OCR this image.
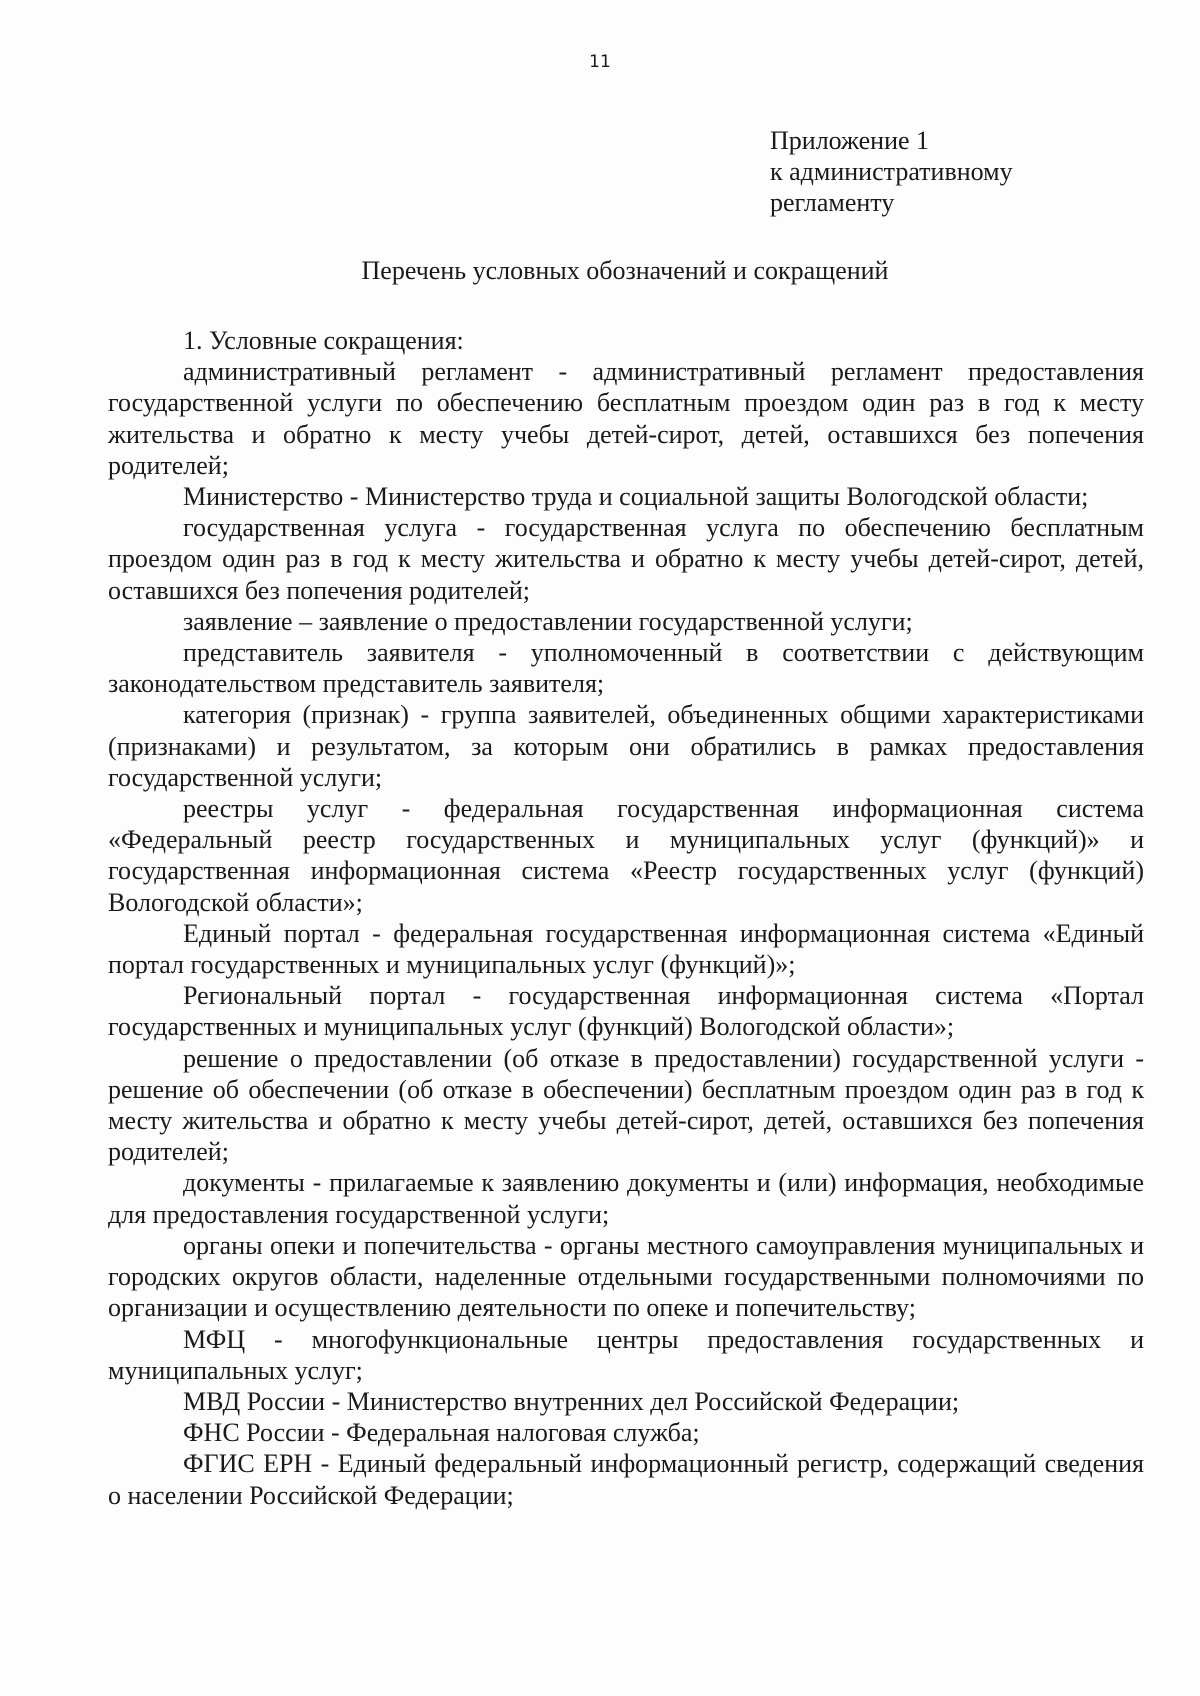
11
Приложение 1
к административному
регламенту
Перечень условных обозначений и сокращений

1. Условные сокращения:

административный регламент - административный регламент предоставления государственной услуги по обеспечению бесплатным проездом один раз в год к месту жительства и обратно к месту учебы детей-сирот, детей, оставшихся без попечения родителей;

Министерство - Министерство труда и социальной защиты Вологодской области;

государственная услуга - государственная услуга по обеспечению бесплатным проездом один раз в год к месту жительства и обратно к месту учебы детей-сирот, детей, оставшихся без попечения родителей;

заявление – заявление о предоставлении государственной услуги;

представитель заявителя - уполномоченный в соответствии с действующим законодательством представитель заявителя;

категория (признак) - группа заявителей, объединенных общими характеристиками (признаками) и результатом, за которым они обратились в рамках предоставления государственной услуги;

реестры услуг - федеральная государственная информационная система «Федеральный реестр государственных и муниципальных услуг (функций)» и государственная информационная система «Реестр государственных услуг (функций) Вологодской области»;

Единый портал - федеральная государственная информационная система «Единый портал государственных и муниципальных услуг (функций)»;

Региональный портал - государственная информационная система «Портал государственных и муниципальных услуг (функций) Вологодской области»;

решение о предоставлении (об отказе в предоставлении) государственной услуги - решение об обеспечении (об отказе в обеспечении) бесплатным проездом один раз в год к месту жительства и обратно к месту учебы детей-сирот, детей, оставшихся без попечения родителей;

документы - прилагаемые к заявлению документы и (или) информация, необходимые для предоставления государственной услуги;

органы опеки и попечительства - органы местного самоуправления муниципальных и городских округов области, наделенные отдельными государственными полномочиями по организации и осуществлению деятельности по опеке и попечительству;

МФЦ - многофункциональные центры предоставления государственных и муниципальных услуг;

МВД России - Министерство внутренних дел Российской Федерации;

ФНС России - Федеральная налоговая служба;

ФГИС ЕРН - Единый федеральный информационный регистр, содержащий сведения о населении Российской Федерации;
